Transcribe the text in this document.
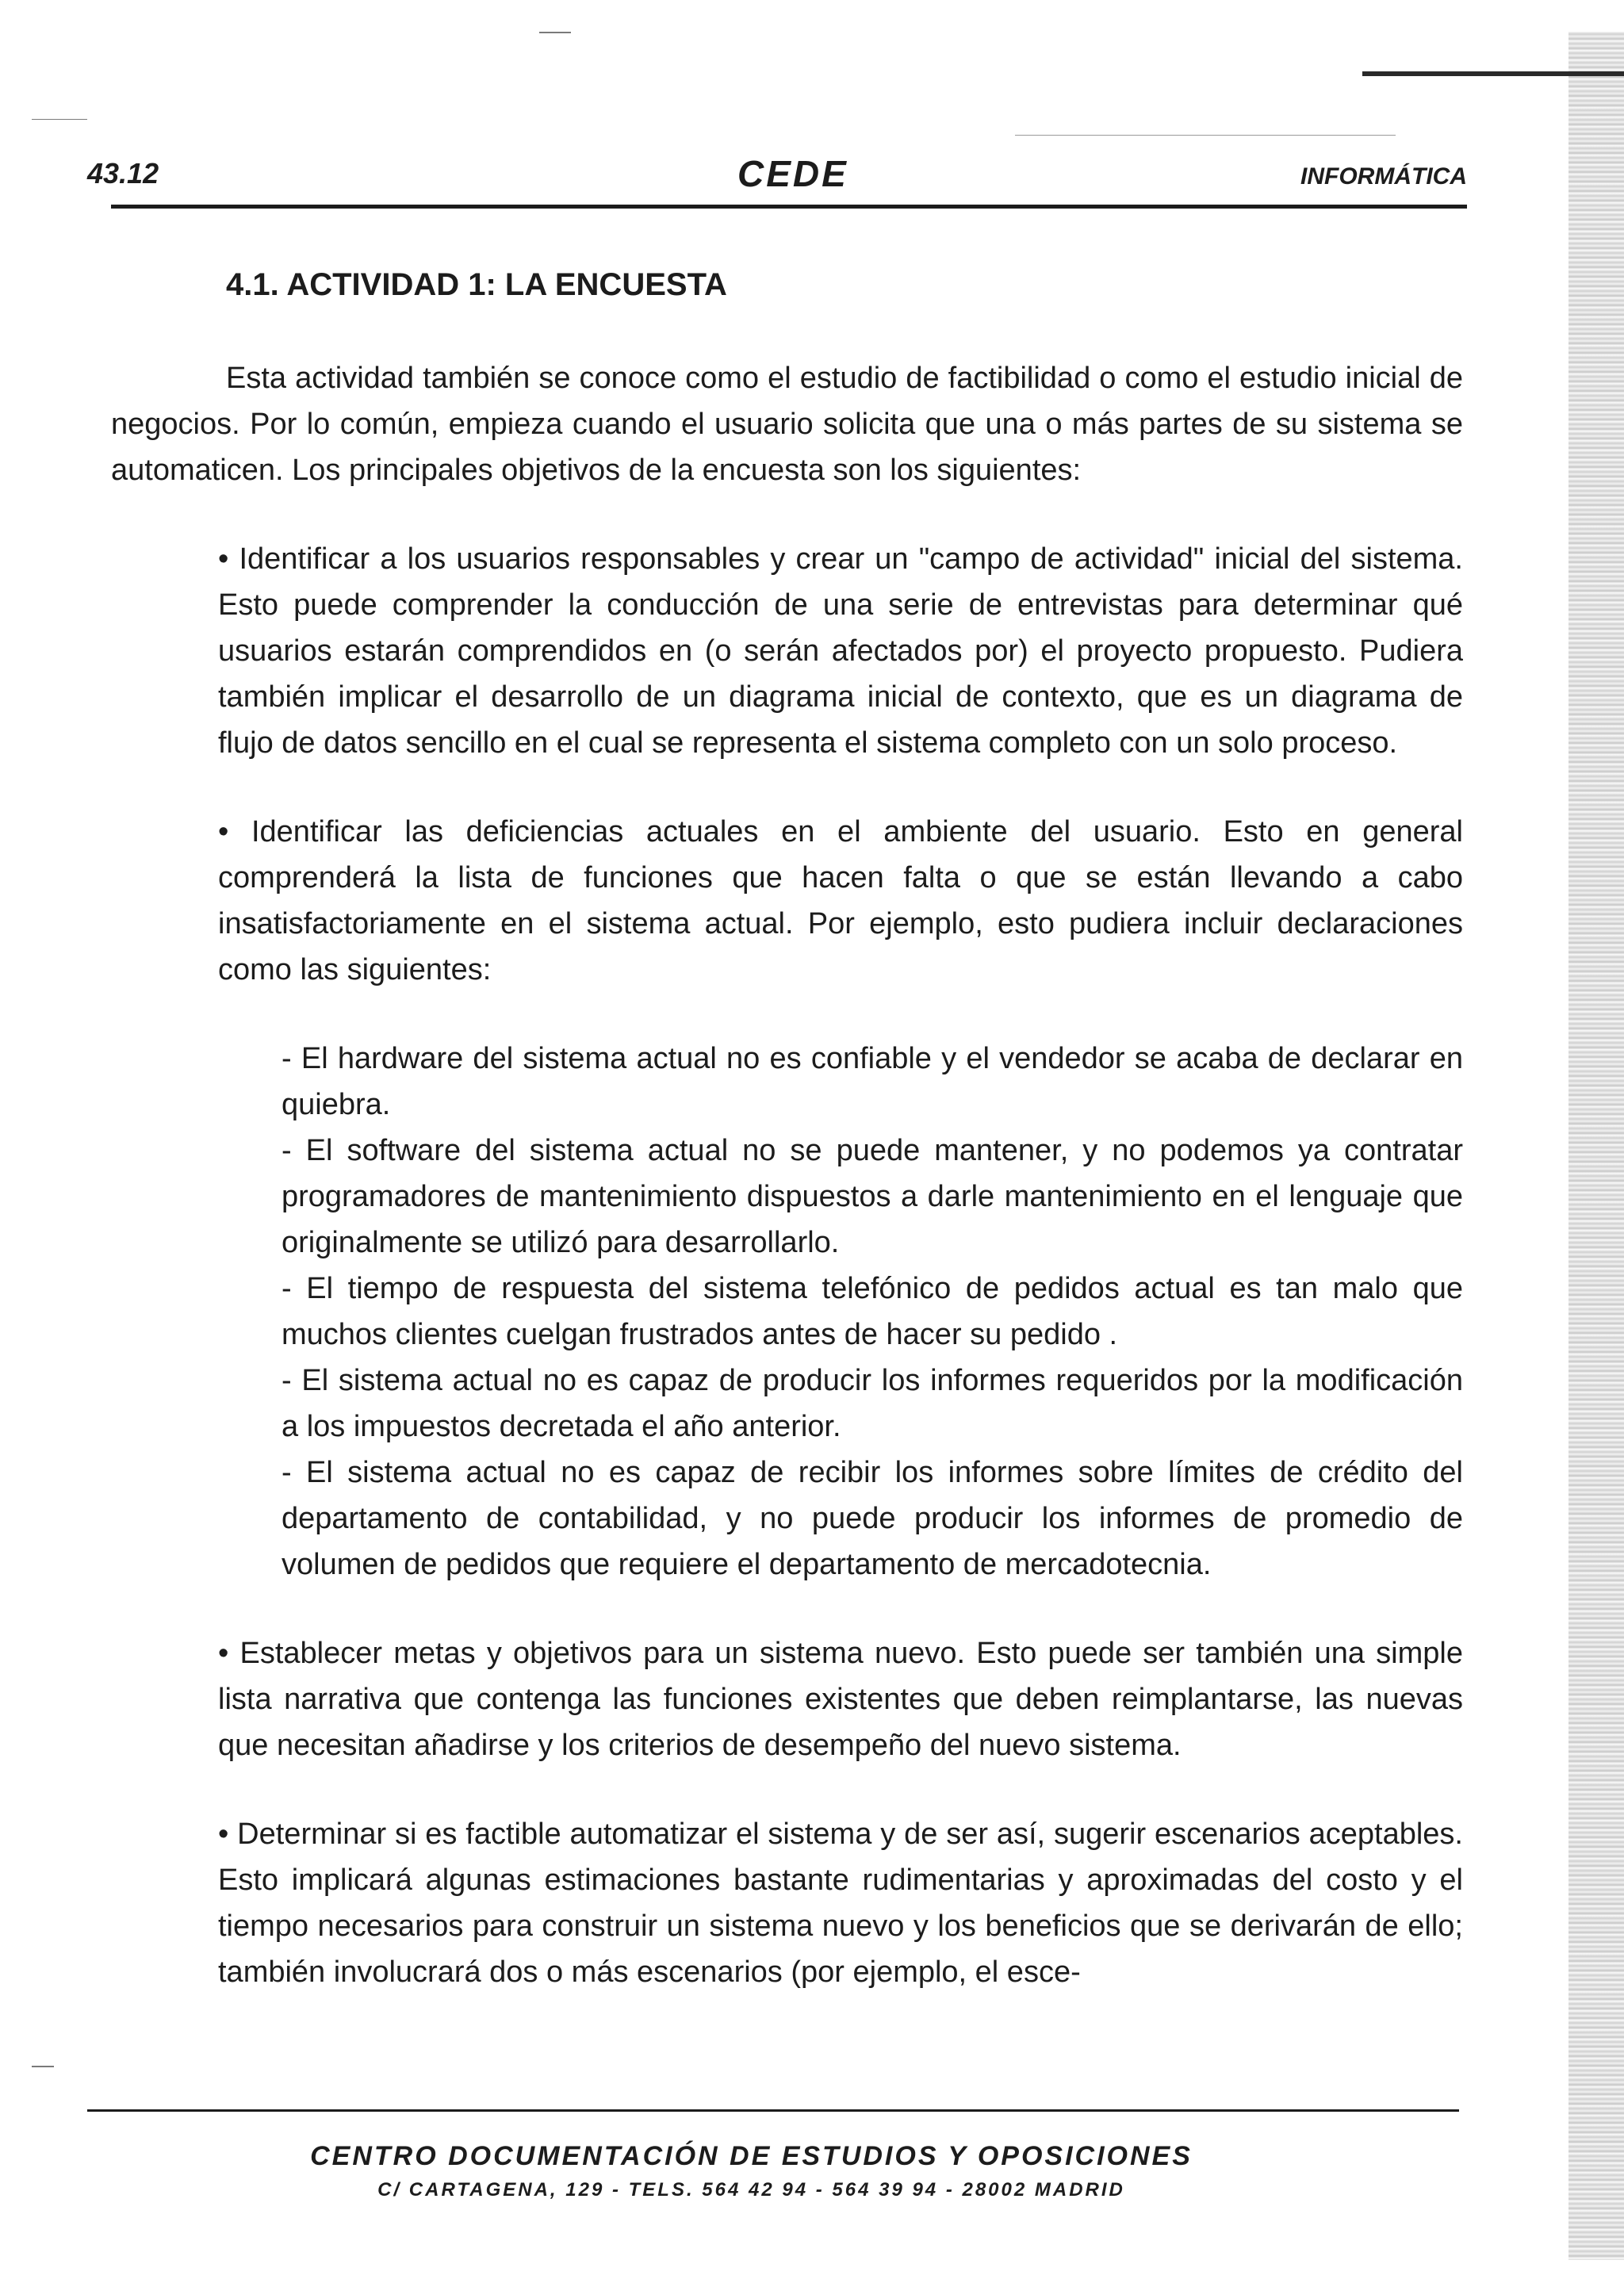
43.12	CEDE	INFORMÁTICA
4.1. ACTIVIDAD 1: LA ENCUESTA

Esta actividad también se conoce como el estudio de factibilidad o como el estudio inicial de negocios. Por lo común, empieza cuando el usuario solicita que una o más partes de su sistema se automaticen. Los principales objetivos de la encuesta son los siguientes:

• Identificar a los usuarios responsables y crear un "campo de actividad" inicial del sistema. Esto puede comprender la conducción de una serie de entrevistas para determinar qué usuarios estarán comprendidos en (o serán afectados por) el proyecto propuesto. Pudiera también implicar el desarrollo de un diagrama inicial de contexto, que es un diagrama de flujo de datos sencillo en el cual se representa el sistema completo con un solo proceso.

• Identificar las deficiencias actuales en el ambiente del usuario. Esto en general comprenderá la lista de funciones que hacen falta o que se están llevando a cabo insatisfactoriamente en el sistema actual. Por ejemplo, esto pudiera incluir declaraciones como las siguientes:

- El hardware del sistema actual no es confiable y el vendedor se acaba de declarar en quiebra.

- El software del sistema actual no se puede mantener, y no podemos ya contratar programadores de mantenimiento dispuestos a darle mantenimiento en el lenguaje que originalmente se utilizó para desarrollarlo.

- El tiempo de respuesta del sistema telefónico de pedidos actual es tan malo que muchos clientes cuelgan frustrados antes de hacer su pedido .

- El sistema actual no es capaz de producir los informes requeridos por la modificación a los impuestos decretada el año anterior.

- El sistema actual no es capaz de recibir los informes sobre límites de crédito del departamento de contabilidad, y no puede producir los informes de promedio de volumen de pedidos que requiere el departamento de mercadotecnia.

• Establecer metas y objetivos para un sistema nuevo. Esto puede ser también una simple lista narrativa que contenga las funciones existentes que deben reimplantarse, las nuevas que necesitan añadirse y los criterios de desempeño del nuevo sistema.

• Determinar si es factible automatizar el sistema y de ser así, sugerir escenarios aceptables. Esto implicará algunas estimaciones bastante rudimentarias y aproximadas del costo y el tiempo necesarios para construir un sistema nuevo y los beneficios que se derivarán de ello; también involucrará dos o más escenarios (por ejemplo, el esce-

CENTRO DOCUMENTACIÓN DE ESTUDIOS Y OPOSICIONES
C/ CARTAGENA, 129 - TELS. 564 42 94 - 564 39 94 - 28002 MADRID
